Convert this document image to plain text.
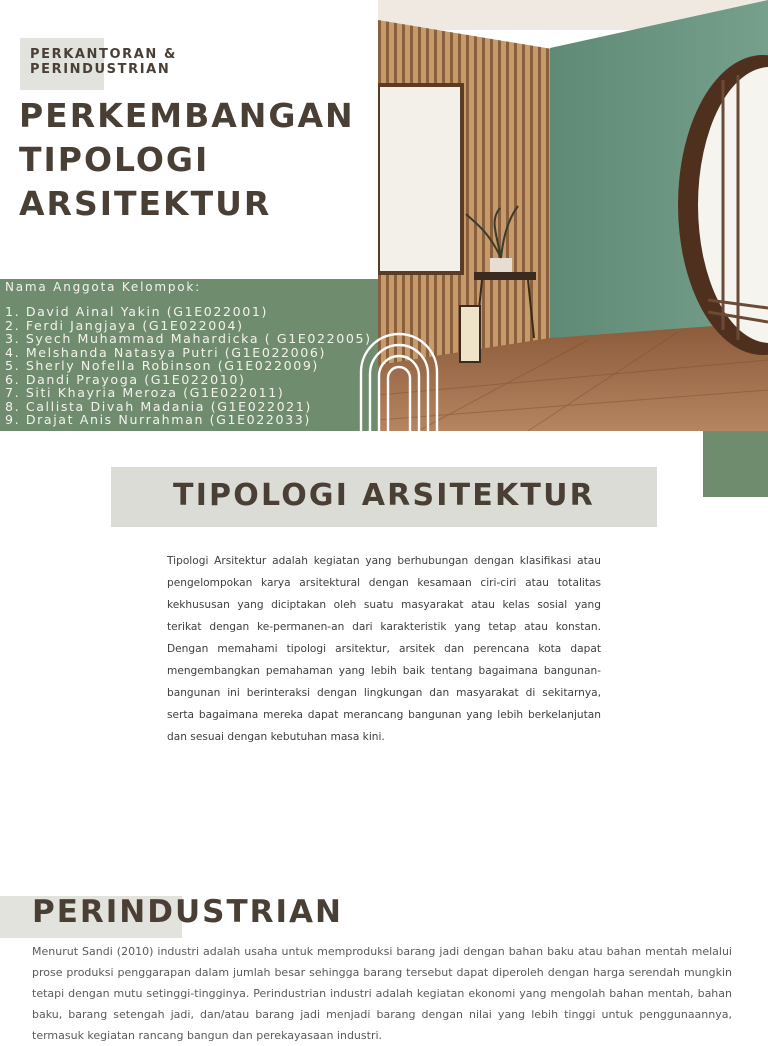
PERKANTORAN &
PERINDUSTRIAN
PERKEMBANGAN
TIPOLOGI
ARSITEKTUR
Nama Anggota Kelompok:
1. David Ainal Yakin (G1E022001)
2. Ferdi Jangjaya (G1E022004)
3. Syech Muhammad Mahardicka ( G1E022005)
4. Melshanda Natasya Putri (G1E022006)
5. Sherly Nofella Robinson (G1E022009)
6. Dandi Prayoga (G1E022010)
7. Siti Khayria Meroza (G1E022011)
8. Callista Divah Madania (G1E022021)
9. Drajat Anis Nurrahman (G1E022033)
TIPOLOGI ARSITEKTUR

Tipologi Arsitektur adalah kegiatan yang berhubungan dengan klasifikasi atau pengelompokan karya arsitektural dengan kesamaan ciri-ciri atau totalitas kekhususan yang diciptakan oleh suatu masyarakat atau kelas sosial yang terikat dengan ke-permanen-an dari karakteristik yang tetap atau konstan. Dengan memahami tipologi arsitektur, arsitek dan perencana kota dapat mengembangkan pemahaman yang lebih baik tentang bagaimana bangunan-bangunan ini berinteraksi dengan lingkungan dan masyarakat di sekitarnya, serta bagaimana mereka dapat merancang bangunan yang lebih berkelanjutan dan sesuai dengan kebutuhan masa kini.

PERINDUSTRIAN

Menurut Sandi (2010) industri adalah usaha untuk memproduksi barang jadi dengan bahan baku atau bahan mentah melalui prose produksi penggarapan dalam jumlah besar sehingga barang tersebut dapat diperoleh dengan harga serendah mungkin tetapi dengan mutu setinggi-tingginya. Perindustrian industri adalah kegiatan ekonomi yang mengolah bahan mentah, bahan baku, barang setengah jadi, dan/atau barang jadi menjadi barang dengan nilai yang lebih tinggi untuk penggunaannya, termasuk kegiatan rancang bangun dan perekayasaan industri.
